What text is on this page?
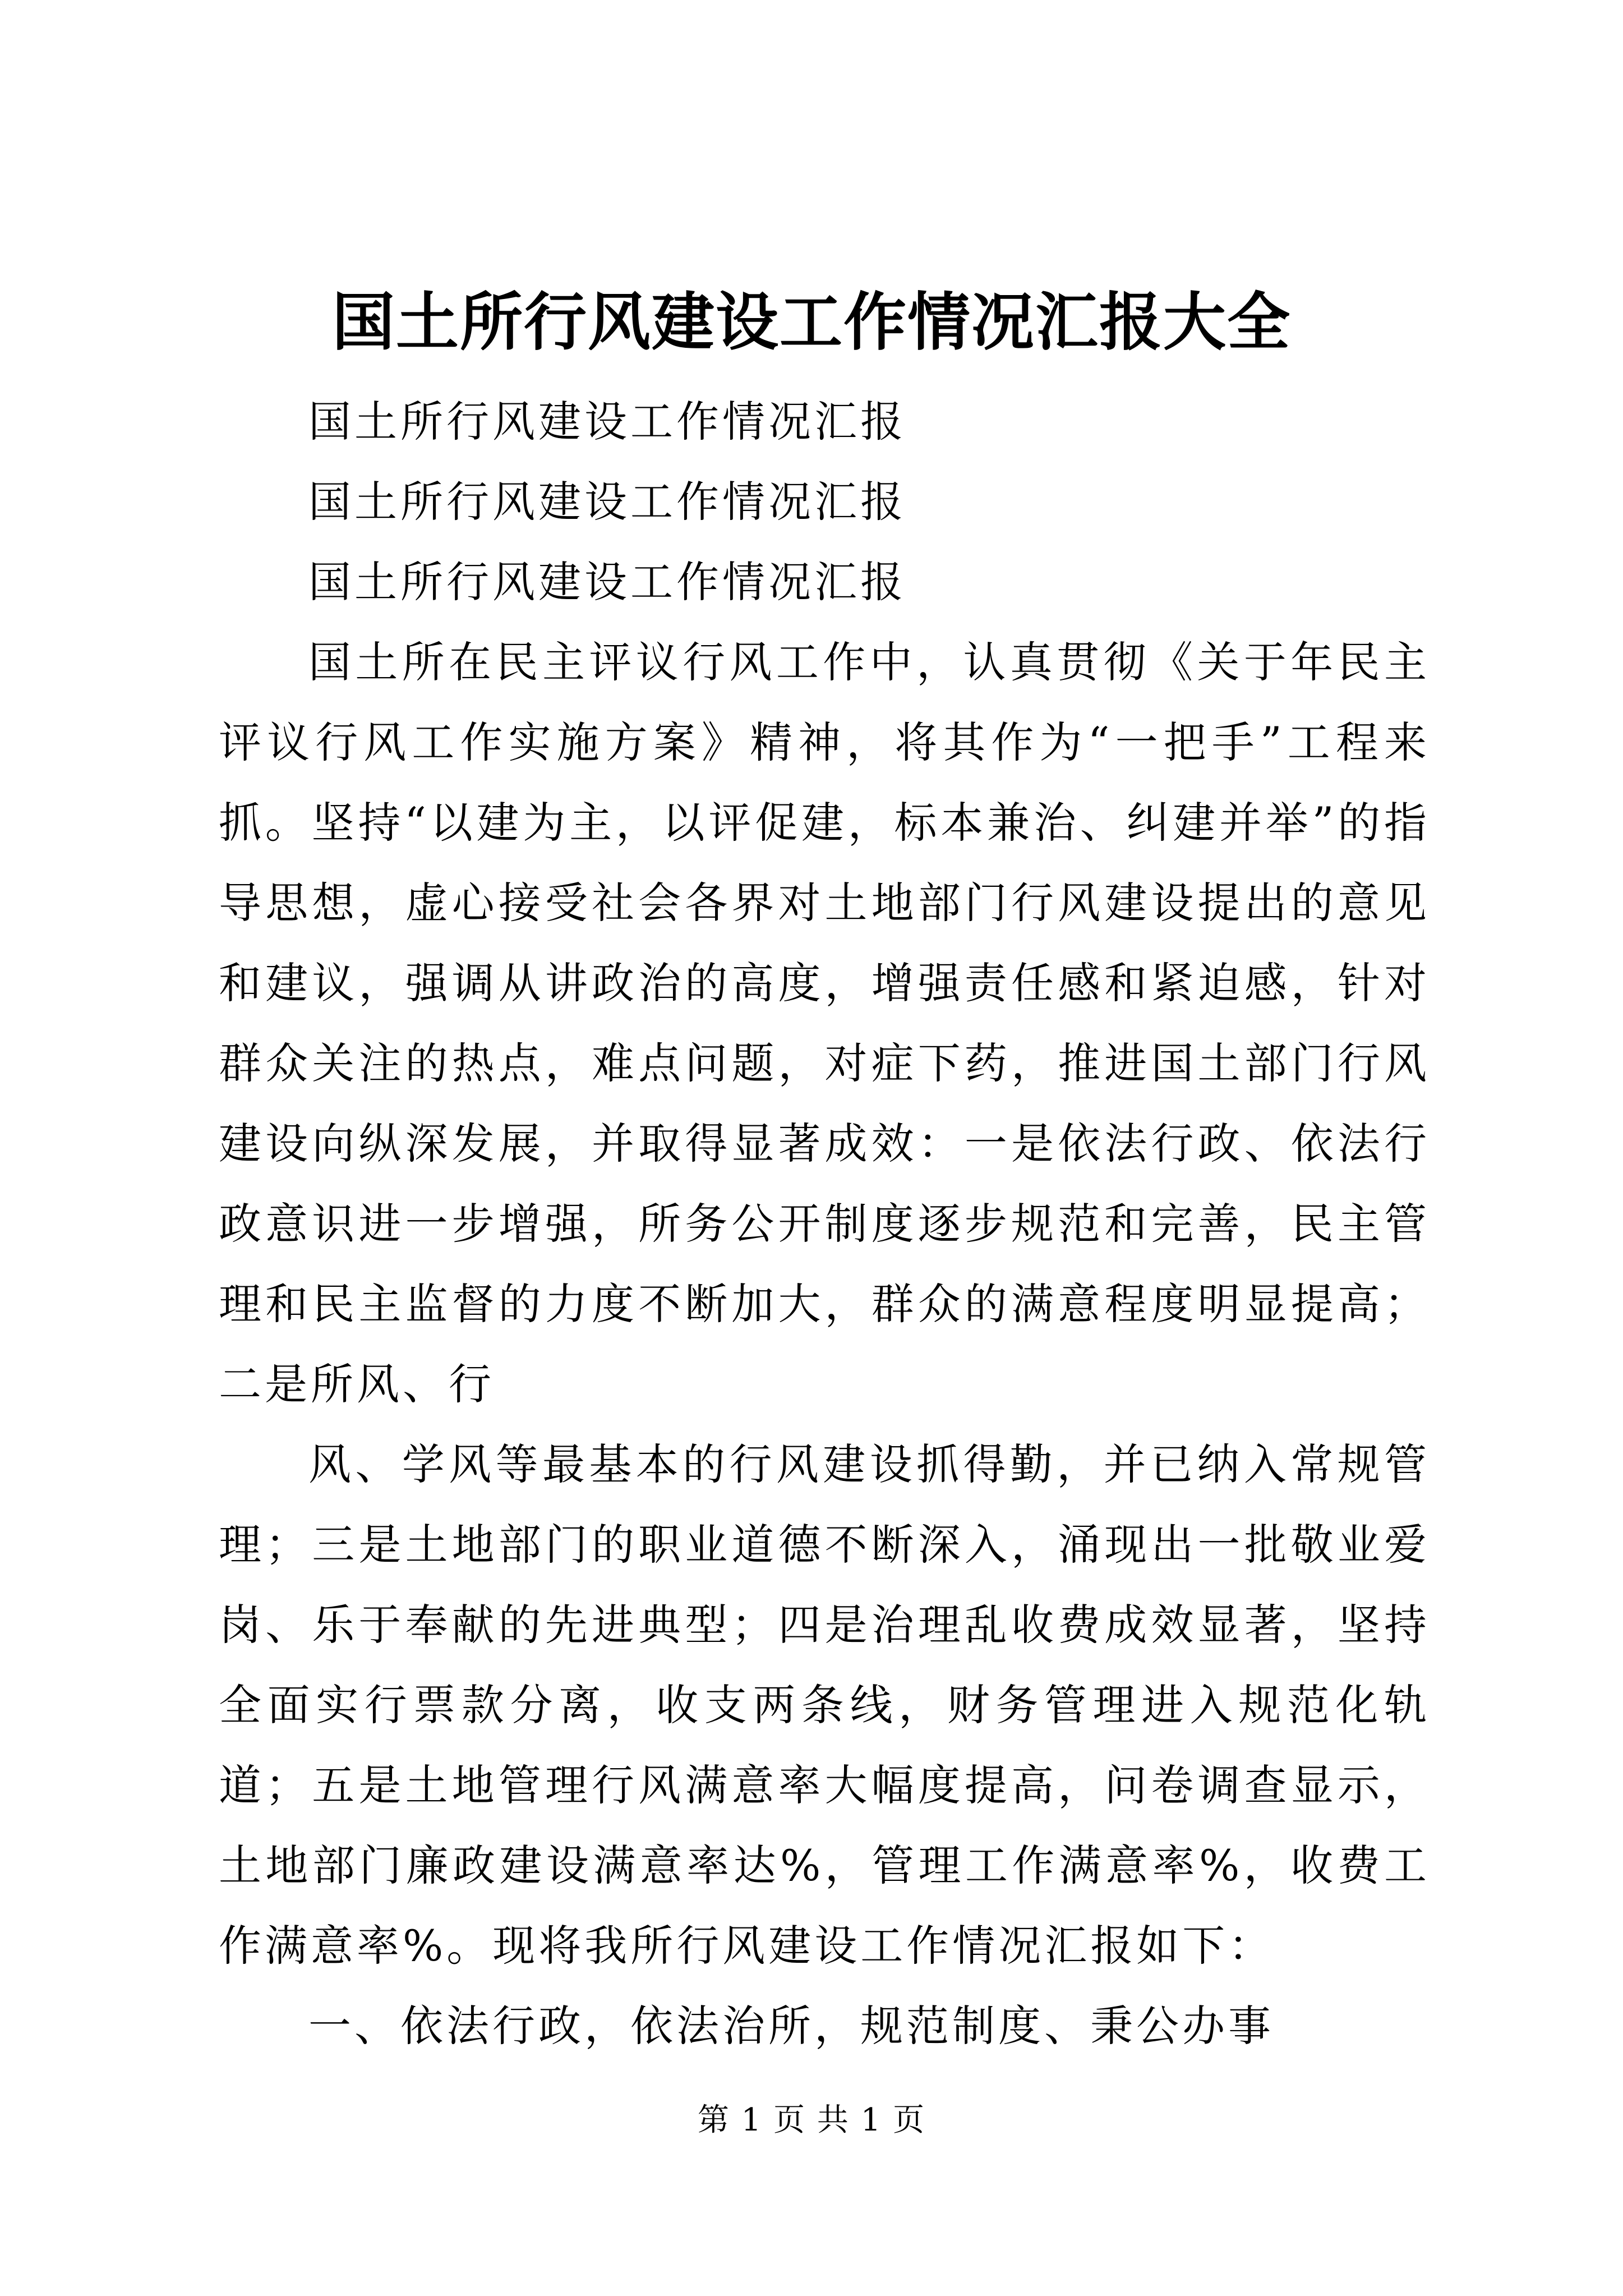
国土所行风建设工作情况汇报大全

国土所行风建设工作情况汇报

国土所行风建设工作情况汇报

国土所行风建设工作情况汇报

国土所在民主评议行风工作中，认真贯彻《关于年民主评议行风工作实施方案》精神，将其作为“一把手”工程来抓。坚持“以建为主，以评促建，标本兼治、纠建并举”的指导思想，虚心接受社会各界对土地部门行风建设提出的意见和建议，强调从讲政治的高度，增强责任感和紧迫感，针对群众关注的热点，难点问题，对症下药，推进国土部门行风建设向纵深发展，并取得显著成效：一是依法行政、依法行政意识进一步增强，所务公开制度逐步规范和完善，民主管理和民主监督的力度不断加大，群众的满意程度明显提高；二是所风、行

风、学风等最基本的行风建设抓得勤，并已纳入常规管理；三是土地部门的职业道德不断深入，涌现出一批敬业爱岗、乐于奉献的先进典型；四是治理乱收费成效显著，坚持全面实行票款分离，收支两条线，财务管理进入规范化轨道；五是土地管理行风满意率大幅度提高，问卷调查显示，土地部门廉政建设满意率达%，管理工作满意率%，收费工作满意率%。现将我所行风建设工作情况汇报如下：

一、依法行政，依法治所，规范制度、秉公办事

第 1 页 共 1 页
